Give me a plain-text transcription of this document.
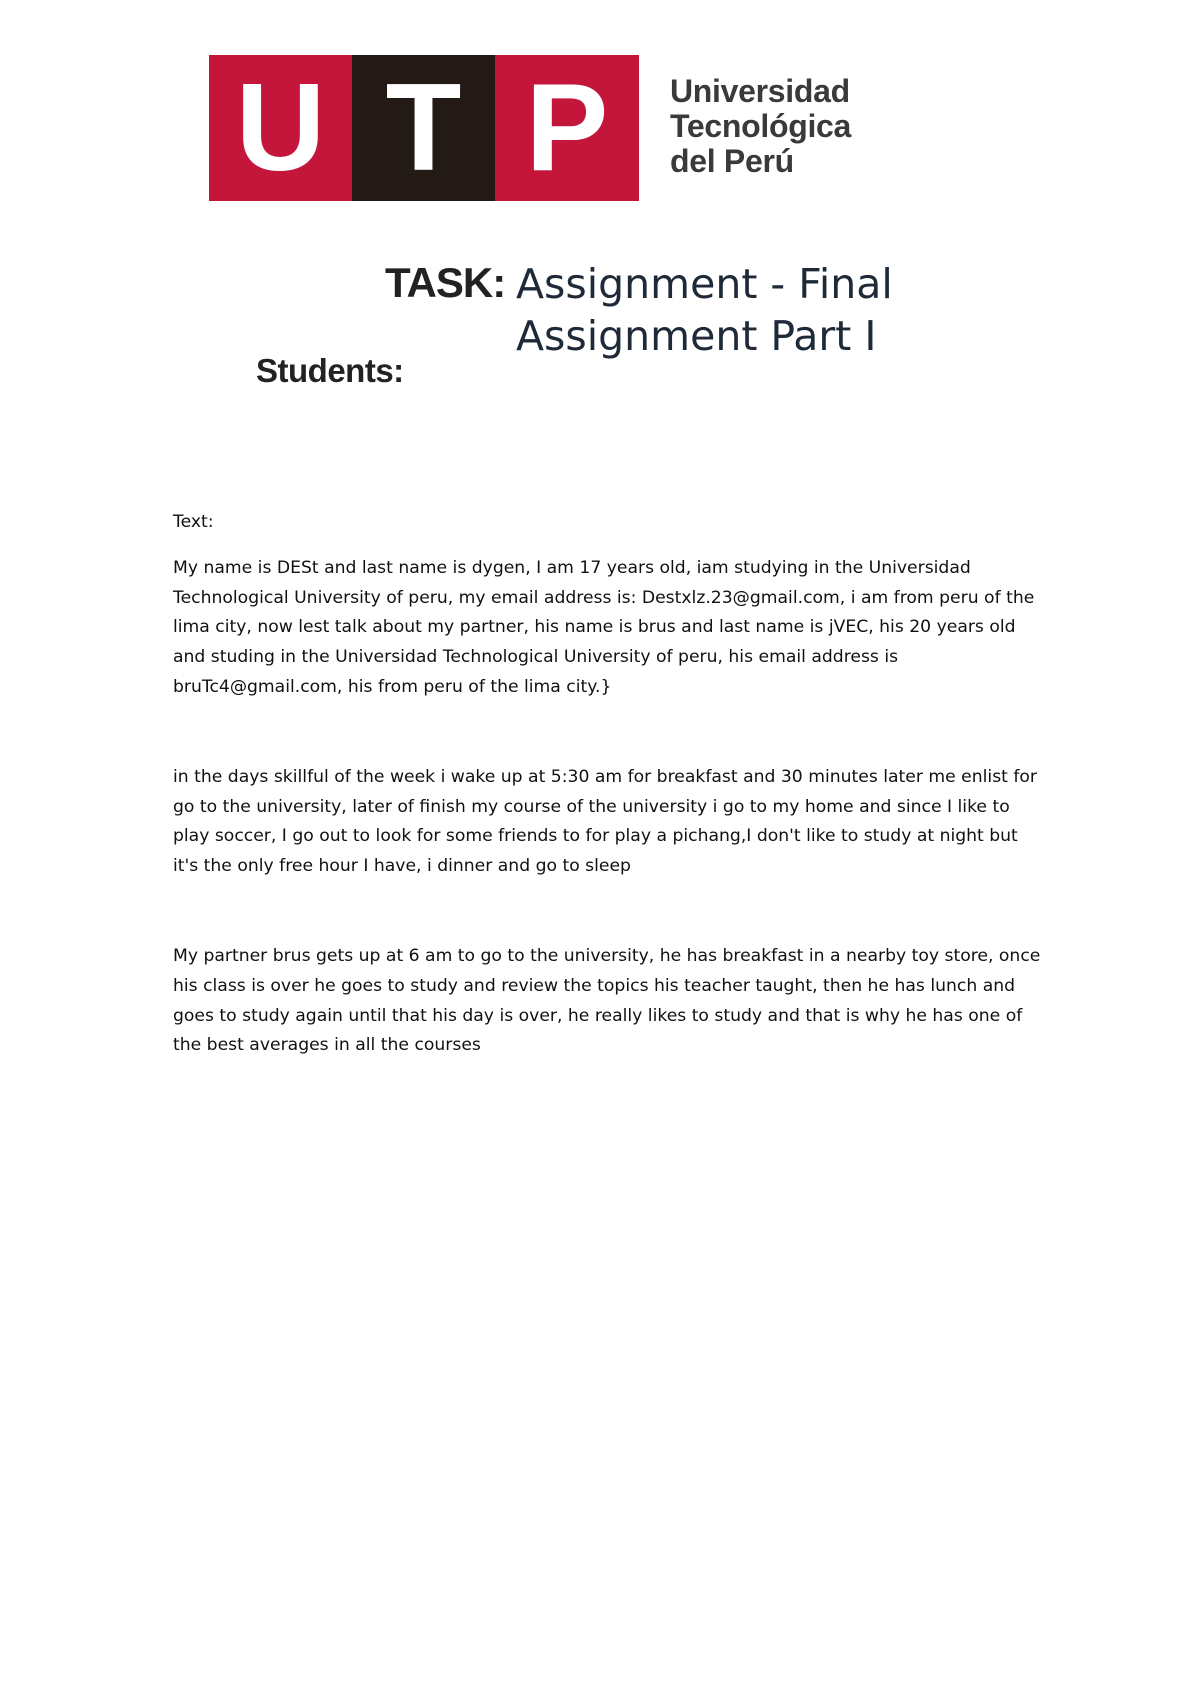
U T P	Universidad
Tecnológica
del Perú
TASK: Assignment - Final
Assignment Part I
Students:

Text:

My name is DESt and last name is dygen, I am 17 years old, iam studying in the Universidad Technological University of peru, my email address is: Destxlz.23@gmail.com, i am from peru of the lima city, now lest talk about my partner, his name is brus and last name is jVEC, his 20 years old and studing in the Universidad Technological University of peru, his email address is bruTc4@gmail.com, his from peru of the lima city.}

in the days skillful of the week i wake up at 5:30 am for breakfast and 30 minutes later me enlist for go to the university, later of finish my course of the university i go to my home and since I like to play soccer, I go out to look for some friends to for play a pichang,I don't like to study at night but it's the only free hour I have, i dinner and go to sleep

My partner brus gets up at 6 am to go to the university, he has breakfast in a nearby toy store, once his class is over he goes to study and review the topics his teacher taught, then he has lunch and goes to study again until that his day is over, he really likes to study and that is why he has one of the best averages in all the courses
